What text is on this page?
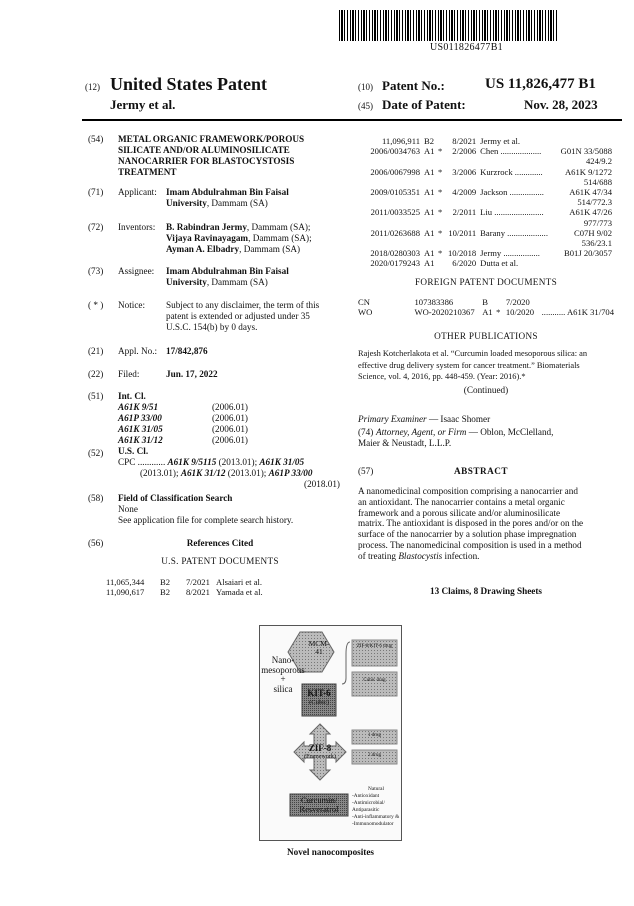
US011826477B1
(12) United States Patent
Jermy et al.
(10) Patent No.:	US 11,826,477 B1
(45) Date of Patent:	Nov. 28, 2023
(54) METAL ORGANIC FRAMEWORK/POROUS
SILICATE AND/OR ALUMINOSILICATE
NANOCARRIER FOR BLASTOCYSTOSIS
TREATMENT
(71) Applicant: Imam Abdulrahman Bin Faisal
University, Dammam (SA)
(72) Inventors: B. Rabindran Jermy, Dammam (SA);
Vijaya Ravinayagam, Dammam (SA);
Ayman A. Elbadry, Dammam (SA)
(73) Assignee: Imam Abdulrahman Bin Faisal
University, Dammam (SA)
( * ) Notice: Subject to any disclaimer, the term of this
patent is extended or adjusted under 35
U.S.C. 154(b) by 0 days.
(21) Appl. No.: 17/842,876
(22) Filed:	Jun. 17, 2022
(51) Int. Cl.
A61K 9/51	(2006.01)
A61P 33/00	(2006.01)
A61K 31/05	(2006.01)
A61K 31/12	(2006.01)
(52) U.S. Cl.
CPC ............ A61K 9/5115 (2013.01); A61K 31/05
(2013.01); A61K 31/12 (2013.01); A61P 33/00
(2018.01)
(58) Field of Classification Search
None
See application file for complete search history.
(56)	References Cited
U.S. PATENT DOCUMENTS
11,065,344	B2	7/2021	Alsaiari et al.
11,090,617	B2	8/2021	Yamada et al.
11,096,911	B2		8/2021	Jermy et al.	
2006/0034763	A1	*	2/2006	Chen ...................	G01N 33/5088
424/9.2					
2006/0067998	A1	*	3/2006	Kurzrock .............	A61K 9/1272
514/688					
2009/0105351	A1	*	4/2009	Jackson ................	A61K 47/34
514/772.3					
2011/0033525	A1	*	2/2011	Liu .......................	A61K 47/26
977/773					
2011/0263688	A1	*	10/2011	Barany ...................	C07H 9/02
536/23.1					
2018/0280303	A1	*	10/2018	Jermy .................	B01J 20/3057
2020/0179243	A1		6/2020	Dutta et al.	
FOREIGN PATENT DOCUMENTS
CN	107383386	B		7/2020	
WO	WO-2020210367	A1	*	10/2020	........... A61K 31/704
OTHER PUBLICATIONS
Rajesh Kotcherlakota et al. “Curcumin loaded mesoporous silica: an
effective drug delivery system for cancer treatment.” Biomaterials
Science, vol. 4, 2016, pp. 448-459. (Year: 2016).*
(Continued)
Primary Examiner — Isaac Shomer
(74) Attorney, Agent, or Firm — Oblon, McClelland,
Maier & Neustadt, L.L.P.
(57)	ABSTRACT
A nanomedicinal composition comprising a nanocarrier and
an antioxidant. The nanocarrier contains a metal organic
framework and a porous silicate and/or aluminosilicate
matrix. The antioxidant is disposed in the pores and/or on the
surface of the nanocarrier by a solution phase impregnation
process. The nanomedicinal composition is used in a method
of treating Blastocystis infection.
13 Claims, 8 Drawing Sheets
MCM-
41
Nano-
mesoporous +
silica	KIT-6
(Cubic)
ZIF-8
(Framework)
Curcumin/
Resveratrol
ZIF-8/KIT-6 drug
Cubic drug
1 drug
2 drug
Natural
-Antioxidant
-Antimicrobial/
Antiparasitic
-Anti-inflammatory &
-Immunomodulator
Novel nanocomposites
